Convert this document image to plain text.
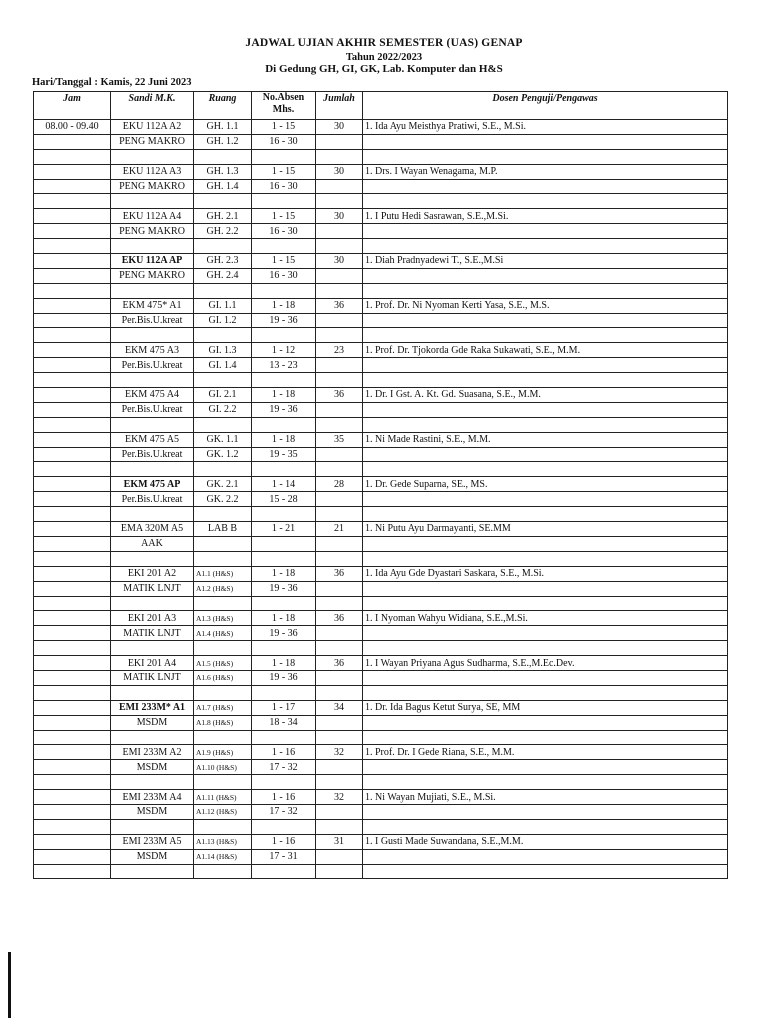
JADWAL UJIAN AKHIR SEMESTER (UAS) GENAP
Tahun 2022/2023
Di Gedung GH, GI, GK, Lab. Komputer dan H&S
Hari/Tanggal : Kamis, 22 Juni 2023
Jam	Sandi M.K.	Ruang	No.Absen Mhs.	Jumlah	Dosen Penguji/Pengawas
08.00 - 09.40	EKU 112A A2	GH. 1.1	1 - 15	30	1. Ida Ayu Meisthya Pratiwi, S.E., M.Si.
	PENG MAKRO	GH. 1.2	16 - 30		

	EKU 112A A3	GH. 1.3	1 - 15	30	1. Drs. I Wayan Wenagama, M.P.
	PENG MAKRO	GH. 1.4	16 - 30		

	EKU 112A A4	GH. 2.1	1 - 15	30	1. I Putu Hedi Sasrawan, S.E.,M.Si.
	PENG MAKRO	GH. 2.2	16 - 30		

	EKU 112A AP	GH. 2.3	1 - 15	30	1. Diah Pradnyadewi T., S.E.,M.Si
	PENG MAKRO	GH. 2.4	16 - 30		

	EKM 475* A1	GI. 1.1	1 - 18	36	1. Prof. Dr. Ni Nyoman Kerti Yasa, S.E., M.S.
	Per.Bis.U.kreat	GI. 1.2	19 - 36		

	EKM 475 A3	GI. 1.3	1 - 12	23	1. Prof. Dr. Tjokorda Gde Raka Sukawati, S.E., M.M.
	Per.Bis.U.kreat	GI. 1.4	13 - 23		

	EKM 475 A4	GI. 2.1	1 - 18	36	1. Dr. I Gst. A. Kt. Gd. Suasana, S.E., M.M.
	Per.Bis.U.kreat	GI. 2.2	19 - 36		

	EKM 475 A5	GK. 1.1	1 - 18	35	1. Ni Made Rastini, S.E., M.M.
	Per.Bis.U.kreat	GK. 1.2	19 - 35		

	EKM 475 AP	GK. 2.1	1 - 14	28	1. Dr. Gede Suparna, SE., MS.
	Per.Bis.U.kreat	GK. 2.2	15 - 28		

	EMA 320M A5	LAB B	1 - 21	21	1. Ni Putu Ayu Darmayanti, SE.MM
	AAK				

	EKI 201 A2	A1.1 (H&S)	1 - 18	36	1. Ida Ayu Gde Dyastari Saskara, S.E., M.Si.
	MATIK LNJT	A1.2 (H&S)	19 - 36		

	EKI 201 A3	A1.3 (H&S)	1 - 18	36	1. I Nyoman Wahyu Widiana, S.E.,M.Si.
	MATIK LNJT	A1.4 (H&S)	19 - 36		

	EKI 201 A4	A1.5 (H&S)	1 - 18	36	1. I Wayan Priyana Agus Sudharma, S.E.,M.Ec.Dev.
	MATIK LNJT	A1.6 (H&S)	19 - 36		

	EMI 233M* A1	A1.7 (H&S)	1 - 17	34	1. Dr. Ida Bagus Ketut Surya, SE, MM
	MSDM	A1.8 (H&S)	18 - 34		

	EMI 233M A2	A1.9 (H&S)	1 - 16	32	1. Prof. Dr. I Gede Riana, S.E., M.M.
	MSDM	A1.10 (H&S)	17 - 32		

	EMI 233M A4	A1.11 (H&S)	1 - 16	32	1. Ni Wayan Mujiati, S.E., M.Si.
	MSDM	A1.12 (H&S)	17 - 32		

	EMI 233M A5	A1.13 (H&S)	1 - 16	31	1. I Gusti Made Suwandana, S.E.,M.M.
	MSDM	A1.14 (H&S)	17 - 31		
